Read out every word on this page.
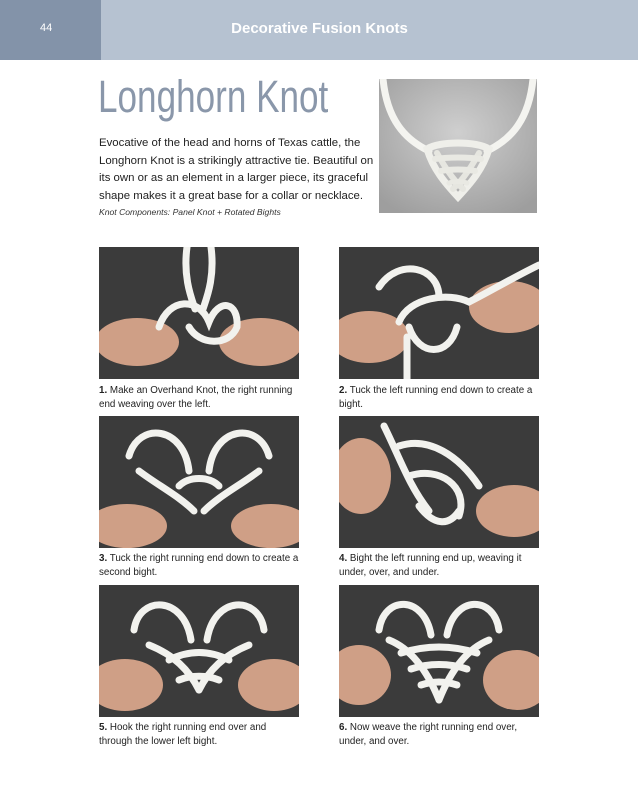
44	Decorative Fusion Knots
Longhorn Knot

Evocative of the head and horns of Texas cattle, the Longhorn Knot is a strikingly attractive tie. Beautiful on its own or as an element in a larger piece, its graceful shape makes it a great base for a collar or necklace.

Knot Components: Panel Knot + Rotated Bights

1. Make an Overhand Knot, the right running end weaving over the left.

2. Tuck the left running end down to create a bight.

3. Tuck the right running end down to create a second bight.

4. Bight the left running end up, weaving it under, over, and under.

5. Hook the right running end over and through the lower left bight.

6. Now weave the right running end over, under, and over.
